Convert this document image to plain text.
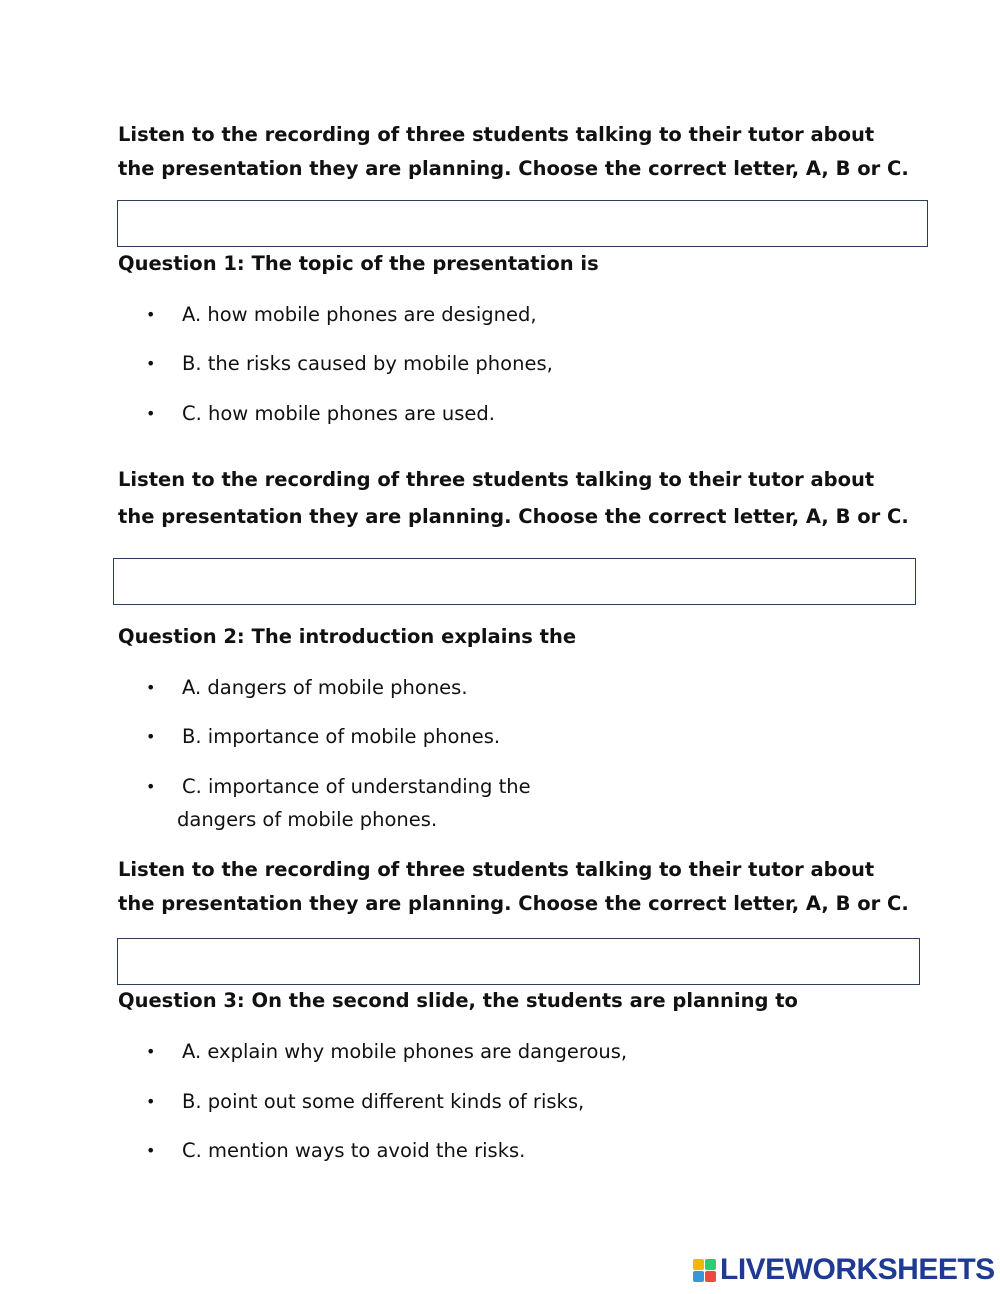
Listen to the recording of three students talking to their tutor about
the presentation they are planning. Choose the correct letter, A, B or C.

Question 1: The topic of the presentation is

• A. how mobile phones are designed,
• B. the risks caused by mobile phones,
• C. how mobile phones are used.
Listen to the recording of three students talking to their tutor about
the presentation they are planning. Choose the correct letter, A, B or C.

Question 2: The introduction explains the

• A. dangers of mobile phones.
• B. importance of mobile phones.
• C. importance of understanding the
dangers of mobile phones.
Listen to the recording of three students talking to their tutor about
the presentation they are planning. Choose the correct letter, A, B or C.

Question 3: On the second slide, the students are planning to

• A. explain why mobile phones are dangerous,
• B. point out some different kinds of risks,
• C. mention ways to avoid the risks.
LIVEWORKSHEETS
